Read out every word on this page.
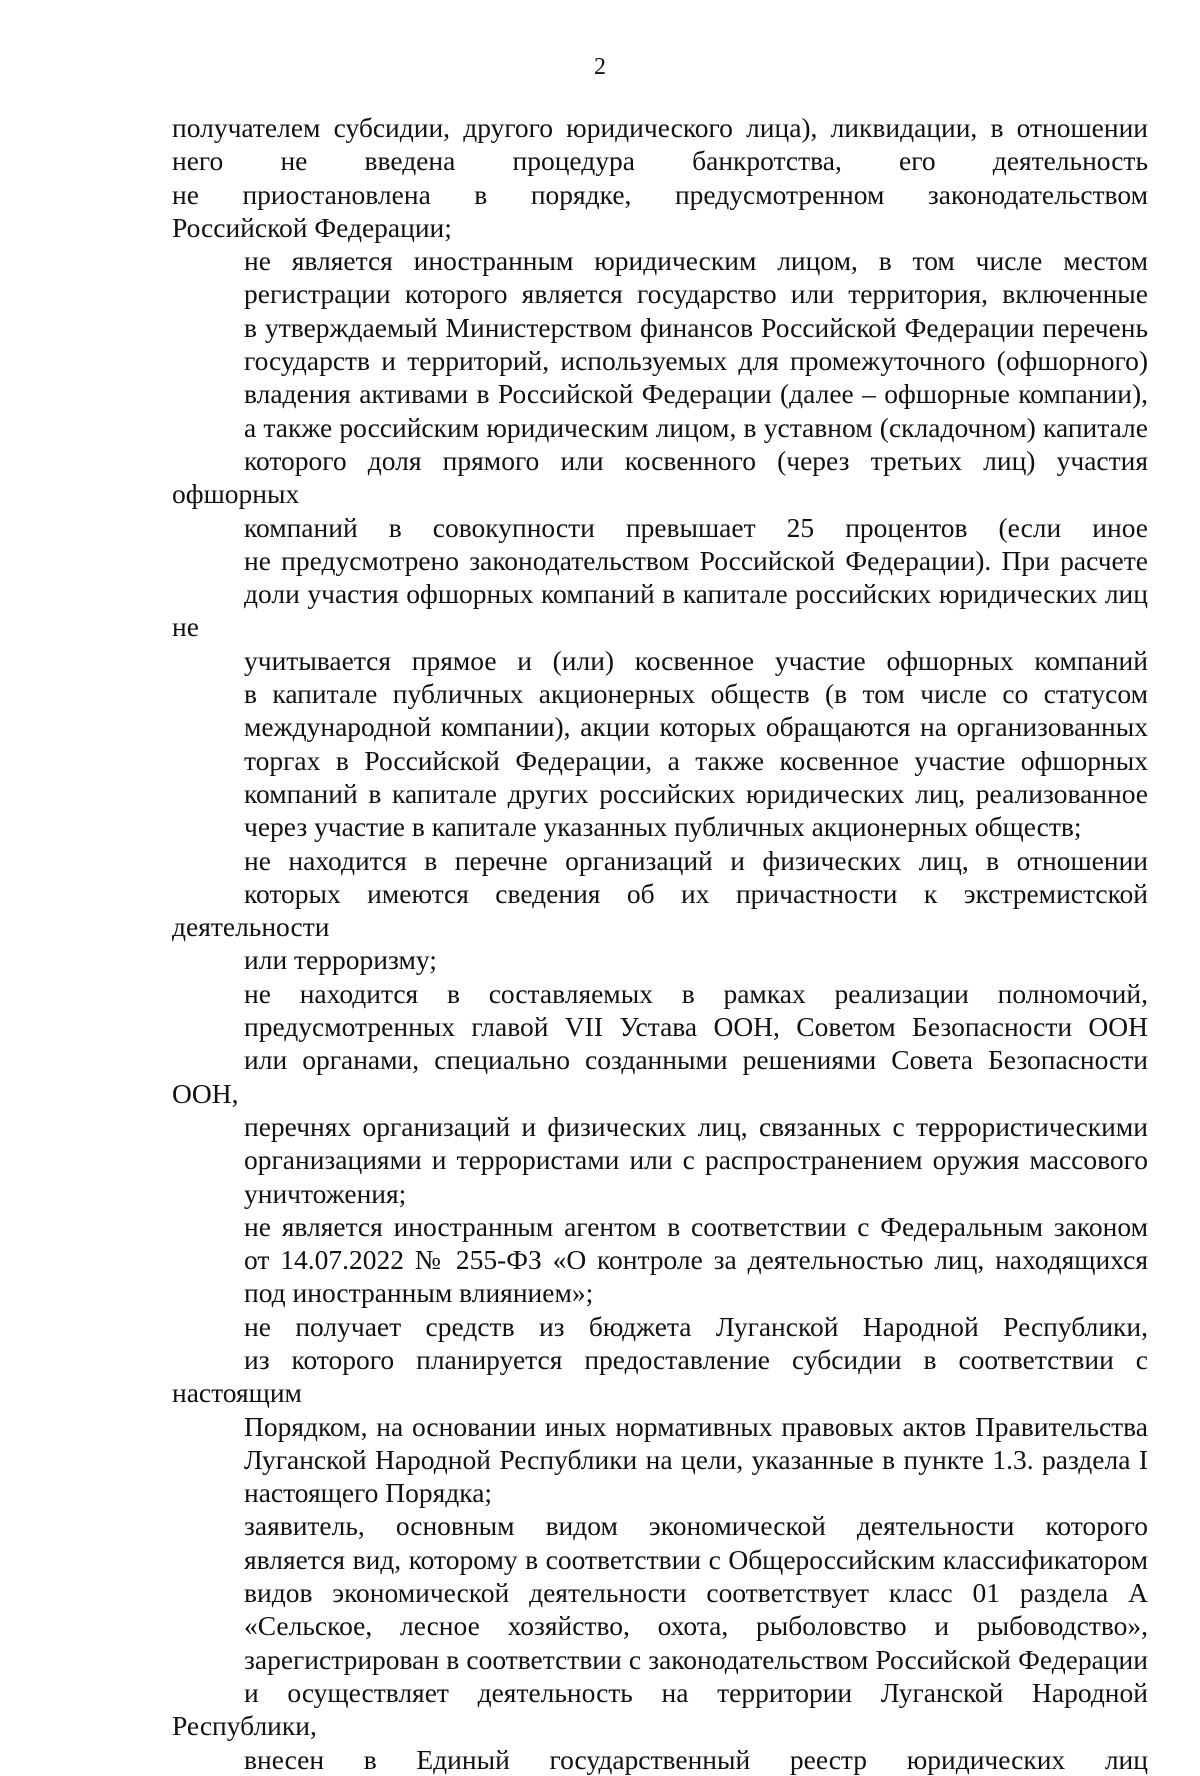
2
получателем субсидии, другого юридического лица), ликвидации, в отношении
него не введена процедура банкротства, его деятельность
не приостановлена в порядке, предусмотренном законодательством
Российской Федерации;
не является иностранным юридическим лицом, в том числе местом
регистрации которого является государство или территория, включенные
в утверждаемый Министерством финансов Российской Федерации перечень
государств и территорий, используемых для промежуточного (офшорного)
владения активами в Российской Федерации (далее – офшорные компании),
а также российским юридическим лицом, в уставном (складочном) капитале
которого доля прямого или косвенного (через третьих лиц) участия офшорных
компаний в совокупности превышает 25 процентов (если иное
не предусмотрено законодательством Российской Федерации). При расчете
доли участия офшорных компаний в капитале российских юридических лиц не
учитывается прямое и (или) косвенное участие офшорных компаний
в капитале публичных акционерных обществ (в том числе со статусом
международной компании), акции которых обращаются на организованных
торгах в Российской Федерации, а также косвенное участие офшорных
компаний в капитале других российских юридических лиц, реализованное
через участие в капитале указанных публичных акционерных обществ;
не находится в перечне организаций и физических лиц, в отношении
которых имеются сведения об их причастности к экстремистской деятельности
или терроризму;
не находится в составляемых в рамках реализации полномочий,
предусмотренных главой VII Устава ООН, Советом Безопасности ООН
или органами, специально созданными решениями Совета Безопасности ООН,
перечнях организаций и физических лиц, связанных с террористическими
организациями и террористами или с распространением оружия массового
уничтожения;
не является иностранным агентом в соответствии с Федеральным законом
от 14.07.2022 № 255-ФЗ «О контроле за деятельностью лиц, находящихся
под иностранным влиянием»;
не получает средств из бюджета Луганской Народной Республики,
из которого планируется предоставление субсидии в соответствии с настоящим
Порядком, на основании иных нормативных правовых актов Правительства
Луганской Народной Республики на цели, указанные в пункте 1.3. раздела I
настоящего Порядка;
заявитель, основным видом экономической деятельности которого
является вид, которому в соответствии с Общероссийским классификатором
видов экономической деятельности соответствует класс 01 раздела А
«Сельское, лесное хозяйство, охота, рыболовство и рыбоводство»,
зарегистрирован в соответствии с законодательством Российской Федерации
и осуществляет деятельность на территории Луганской Народной Республики,
внесен в Единый государственный реестр юридических лиц
